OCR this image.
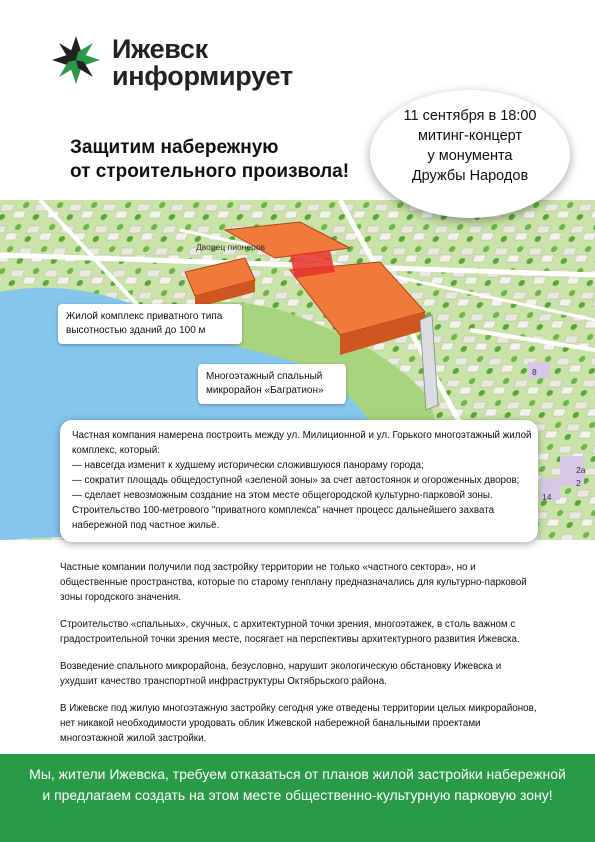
Ижевск
информирует
Защитим набережную
от строительного произвола!
Дворец пионеров
8
2а
2
14
Жилой комплекс приватного типа
высотностью зданий до 100 м
Многоэтажный спальный
микрорайон «Багратион»
11 сентября в 18:00
митинг-концерт
у монумента
Дружбы Народов

Частная компания намерена построить между ул. Милиционной и ул. Горького многоэтажный жилой комплекс, который:

— навсегда изменит к худшему исторически сложившуюся панораму города;

— сократит площадь общедоступной «зеленой зоны» за счет автостоянок и огороженных дворов;

— сделает невозможным создание на этом месте общегородской культурно-парковой зоны.

Строительство 100-метрового "приватного комплекса" начнет процесс дальнейшего захвата набережной под частное жильё.

Частные компании получили под застройку территории не только «частного сектора», но и общественные пространства, которые по старому генплану предназначались для культурно-парковой зоны городского значения.

Строительство «спальных», скучных, с архитектурной точки зрения, многоэтажек, в столь важном с градостроительной точки зрения месте, посягает на перспективы архитектурного развития Ижевска.

Возведение спального микрорайона, безусловно, нарушит экологическую обстановку Ижевска и ухудшит качество транспортной инфраструктуры Октябрьского района.

В Ижевске под жилую многоэтажную застройку сегодня уже отведены территории целых микрорайонов, нет никакой необходимости уродовать облик Ижевской набережной банальными проектами многоэтажной жилой застройки.

Мы, жители Ижевска, требуем отказаться от планов жилой застройки набережной
и предлагаем создать на этом месте общественно-культурную парковую зону!
